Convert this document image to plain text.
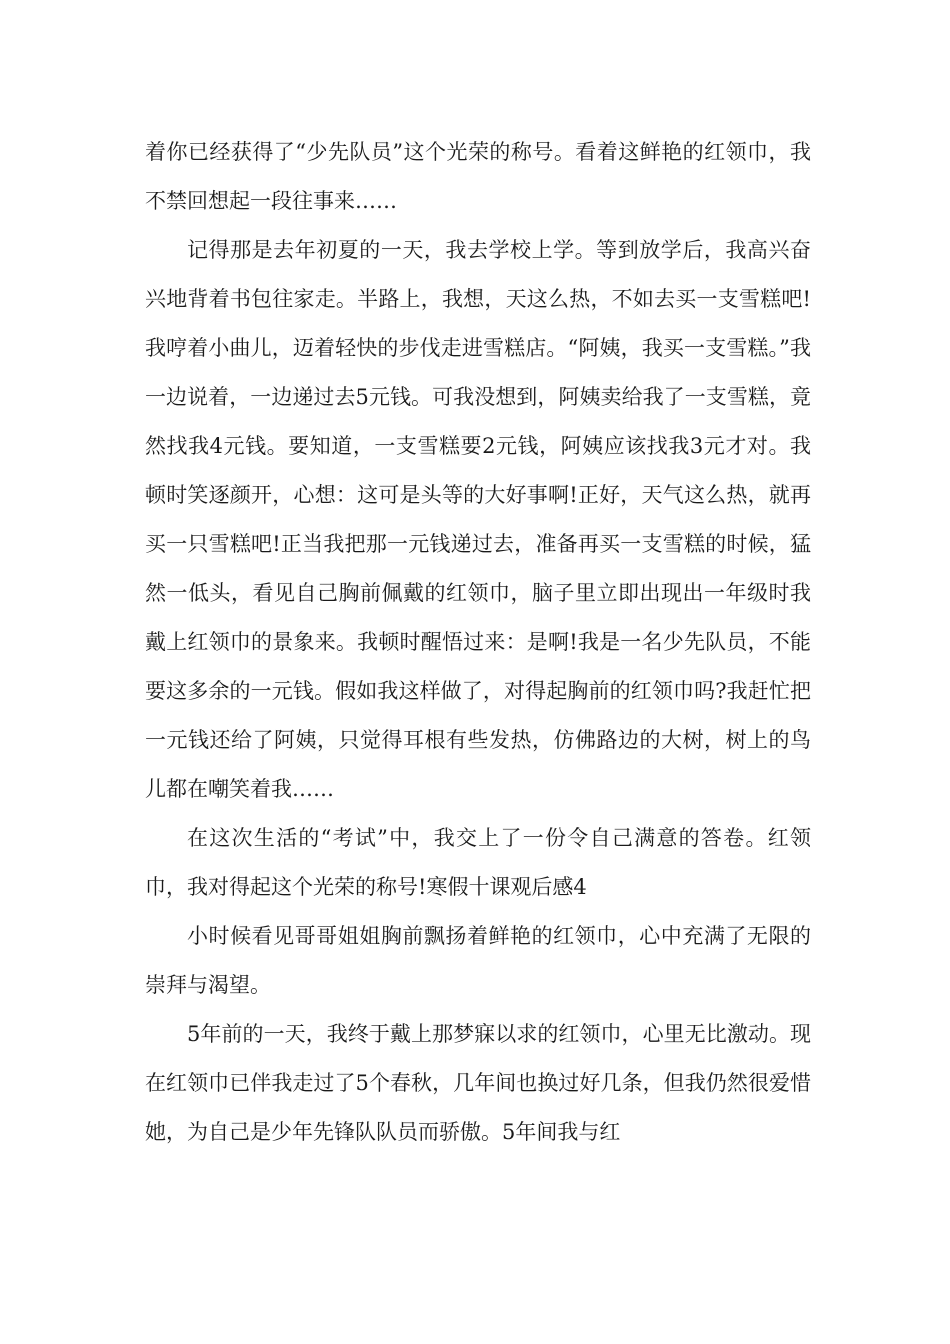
着你已经获得了“少先队员”这个光荣的称号。看着这鲜艳的红领巾，我不禁回想起一段往事来……

记得那是去年初夏的一天，我去学校上学。等到放学后，我高兴奋兴地背着书包往家走。半路上，我想，天这么热，不如去买一支雪糕吧!我哼着小曲儿，迈着轻快的步伐走进雪糕店。“阿姨，我买一支雪糕。”我一边说着，一边递过去5元钱。可我没想到，阿姨卖给我了一支雪糕，竟然找我4元钱。要知道，一支雪糕要2元钱，阿姨应该找我3元才对。我顿时笑逐颜开，心想：这可是头等的大好事啊!正好，天气这么热，就再买一只雪糕吧!正当我把那一元钱递过去，准备再买一支雪糕的时候，猛然一低头，看见自己胸前佩戴的红领巾，脑子里立即出现出一年级时我戴上红领巾的景象来。我顿时醒悟过来：是啊!我是一名少先队员，不能要这多余的一元钱。假如我这样做了，对得起胸前的红领巾吗?我赶忙把一元钱还给了阿姨，只觉得耳根有些发热，仿佛路边的大树，树上的鸟儿都在嘲笑着我……

在这次生活的“考试”中，我交上了一份令自己满意的答卷。红领巾，我对得起这个光荣的称号!寒假十课观后感4

小时候看见哥哥姐姐胸前飘扬着鲜艳的红领巾，心中充满了无限的崇拜与渴望。

5年前的一天，我终于戴上那梦寐以求的红领巾，心里无比激动。现在红领巾已伴我走过了5个春秋，几年间也换过好几条，但我仍然很爱惜她，为自己是少年先锋队队员而骄傲。5年间我与红
